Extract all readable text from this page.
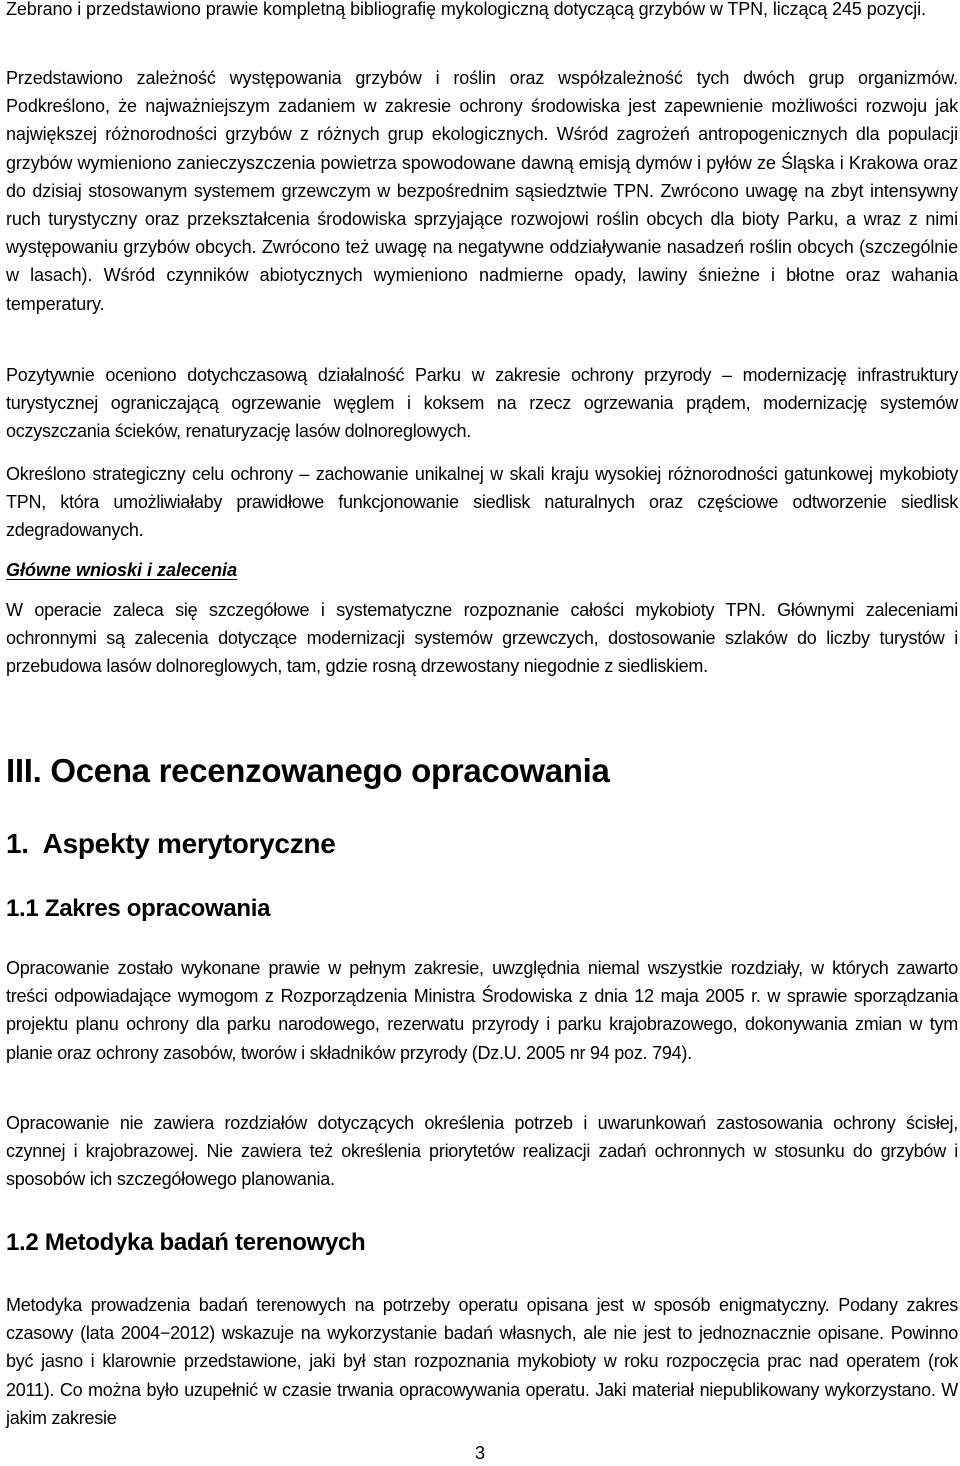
Zebrano i przedstawiono prawie kompletną bibliografię mykologiczną dotyczącą grzybów w TPN, liczącą 245 pozycji.

Przedstawiono zależność występowania grzybów i roślin oraz współzależność tych dwóch grup organizmów. Podkreślono, że najważniejszym zadaniem w zakresie ochrony środowiska jest zapewnienie możliwości rozwoju jak największej różnorodności grzybów z różnych grup ekologicznych. Wśród zagrożeń antropogenicznych dla populacji grzybów wymieniono zanieczyszczenia powietrza spowodowane dawną emisją dymów i pyłów ze Śląska i Krakowa oraz do dzisiaj stosowanym systemem grzewczym w bezpośrednim sąsiedztwie TPN. Zwrócono uwagę na zbyt intensywny ruch turystyczny oraz przekształcenia środowiska sprzyjające rozwojowi roślin obcych dla bioty Parku, a wraz z nimi występowaniu grzybów obcych. Zwrócono też uwagę na negatywne oddziaływanie nasadzeń roślin obcych (szczególnie w lasach). Wśród czynników abiotycznych wymieniono nadmierne opady, lawiny śnieżne i błotne oraz wahania temperatury.

Pozytywnie oceniono dotychczasową działalność Parku w zakresie ochrony przyrody – modernizację infrastruktury turystycznej ograniczającą ogrzewanie węglem i koksem na rzecz ogrzewania prądem, modernizację systemów oczyszczania ścieków, renaturyzację lasów dolnoreglowych.

Określono strategiczny celu ochrony – zachowanie unikalnej w skali kraju wysokiej różnorodności gatunkowej mykobioty TPN, która umożliwiałaby prawidłowe funkcjonowanie siedlisk naturalnych oraz częściowe odtworzenie siedlisk zdegradowanych.

Główne wnioski i zalecenia

W operacie zaleca się szczegółowe i systematyczne rozpoznanie całości mykobioty TPN. Głównymi zaleceniami ochronnymi są zalecenia dotyczące modernizacji systemów grzewczych, dostosowanie szlaków do liczby turystów i przebudowa lasów dolnoreglowych, tam, gdzie rosną drzewostany niegodnie z siedliskiem.

III. Ocena recenzowanego opracowania
1.  Aspekty merytoryczne
1.1 Zakres opracowania

Opracowanie zostało wykonane prawie w pełnym zakresie, uwzględnia niemal wszystkie rozdziały, w których zawarto treści odpowiadające wymogom z Rozporządzenia Ministra Środowiska z dnia 12 maja 2005 r. w sprawie sporządzania projektu planu ochrony dla parku narodowego, rezerwatu przyrody i parku krajobrazowego, dokonywania zmian w tym planie oraz ochrony zasobów, tworów i składników przyrody (Dz.U. 2005 nr 94 poz. 794).

Opracowanie nie zawiera rozdziałów dotyczących określenia potrzeb i uwarunkowań zastosowania ochrony ścisłej, czynnej i krajobrazowej. Nie zawiera też określenia priorytetów realizacji zadań ochronnych w stosunku do grzybów i sposobów ich szczegółowego planowania.

1.2 Metodyka badań terenowych

Metodyka prowadzenia badań terenowych na potrzeby operatu opisana jest w sposób enigmatyczny. Podany zakres czasowy (lata 2004−2012) wskazuje na wykorzystanie badań własnych, ale nie jest to jednoznacznie opisane. Powinno być jasno i klarownie przedstawione, jaki był stan rozpoznania mykobioty w roku rozpoczęcia prac nad operatem (rok 2011). Co można było uzupełnić w czasie trwania opracowywania operatu. Jaki materiał niepublikowany wykorzystano. W jakim zakresie

3
